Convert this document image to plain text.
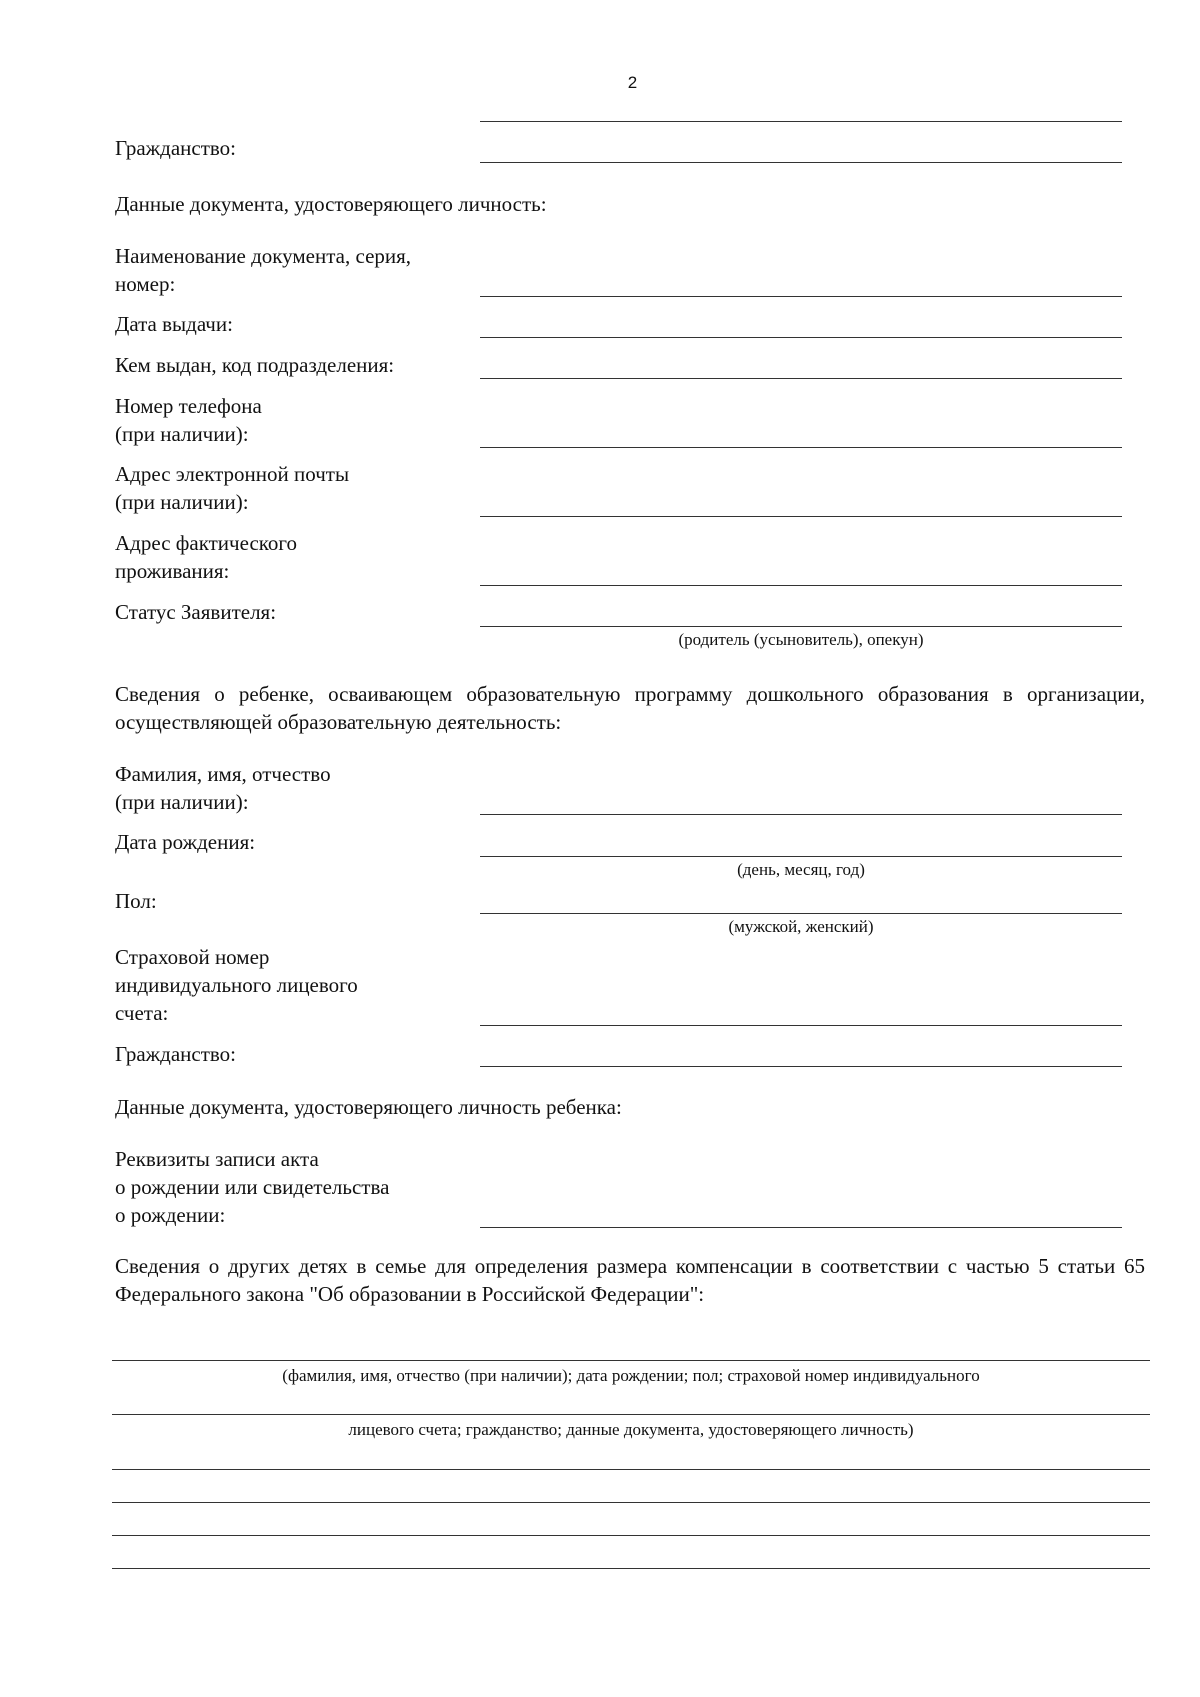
2
Гражданство:
Данные документа, удостоверяющего личность:
Наименование документа, серия,
номер:
Дата выдачи:
Кем выдан, код подразделения:
Номер телефона
(при наличии):
Адрес электронной почты
(при наличии):
Адрес фактического
проживания:
Статус Заявителя:
(родитель (усыновитель), опекун)
Сведения о ребенке, осваивающем образовательную программу дошкольного образования в организации, осуществляющей образовательную деятельность:
Фамилия, имя, отчество
(при наличии):
Дата рождения:
(день, месяц, год)
Пол:
(мужской, женский)
Страховой номер
индивидуального лицевого
счета:
Гражданство:
Данные документа, удостоверяющего личность ребенка:
Реквизиты записи акта
о рождении или свидетельства
о рождении:
Сведения о других детях в семье для определения размера компенсации в соответствии с частью 5 статьи 65 Федерального закона "Об образовании в Российской Федерации":
(фамилия, имя, отчество (при наличии); дата рождении; пол; страховой номер индивидуального
лицевого счета; гражданство; данные документа, удостоверяющего личность)
